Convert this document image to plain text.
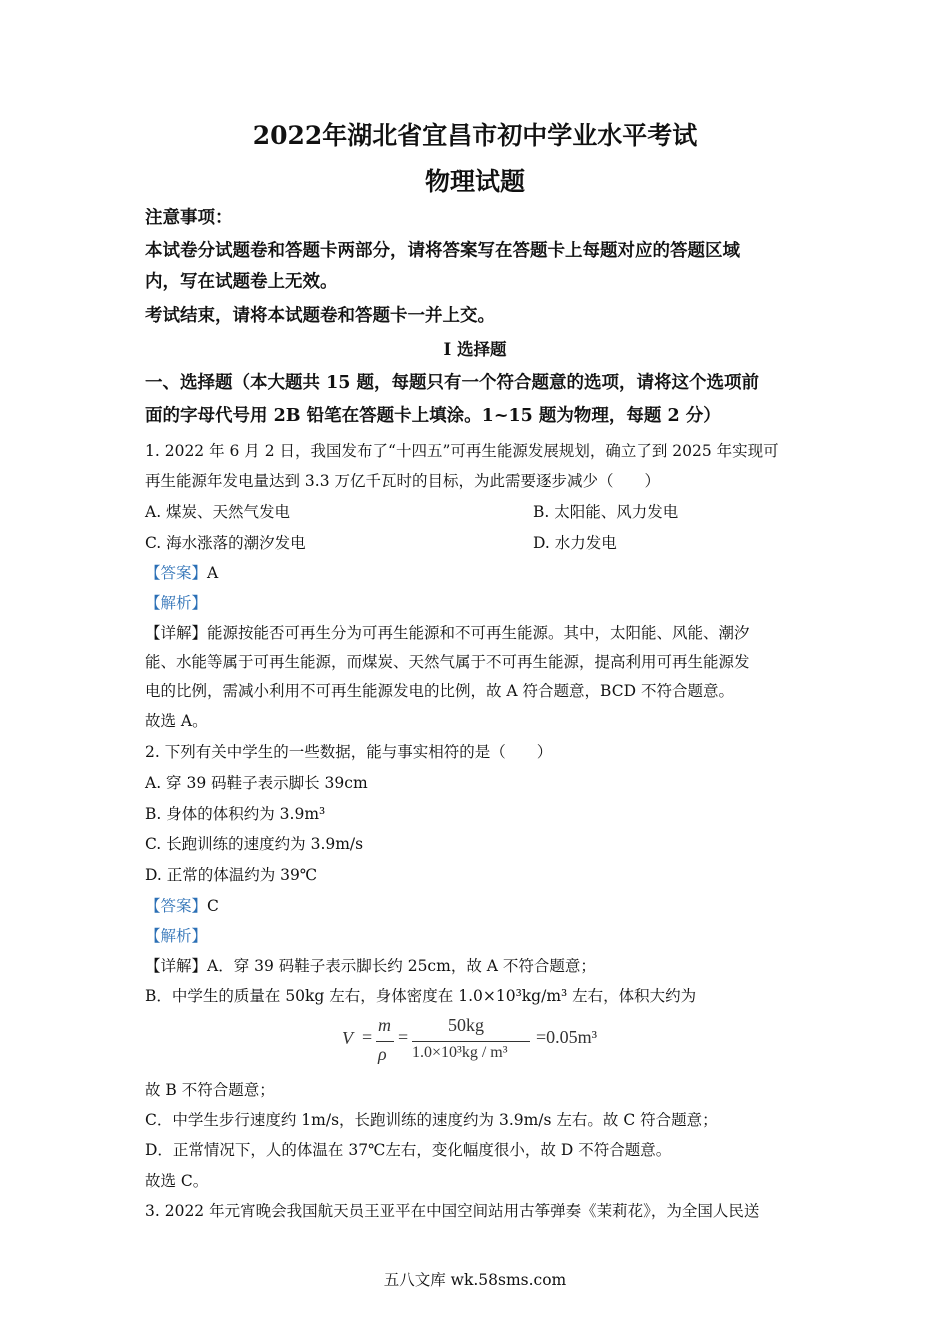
2022年湖北省宜昌市初中学业水平考试
物理试题
注意事项：
本试卷分试题卷和答题卡两部分，请将答案写在答题卡上每题对应的答题区域
内，写在试题卷上无效。
考试结束，请将本试题卷和答题卡一并上交。
I 选择题
一、选择题（本大题共 15 题，每题只有一个符合题意的选项，请将这个选项前
面的字母代号用 2B 铅笔在答题卡上填涂。1~15 题为物理，每题 2 分）
1. 2022 年 6 月 2 日，我国发布了“十四五”可再生能源发展规划，确立了到 2025 年实现可
再生能源年发电量达到 3.3 万亿千瓦时的目标，为此需要逐步减少（　　）
A. 煤炭、天然气发电	B. 太阳能、风力发电
C. 海水涨落的潮汐发电	D. 水力发电
【答案】A
【解析】
【详解】能源按能否可再生分为可再生能源和不可再生能源。其中，太阳能、风能、潮汐
能、水能等属于可再生能源，而煤炭、天然气属于不可再生能源，提高利用可再生能源发
电的比例，需减小利用不可再生能源发电的比例，故 A 符合题意，BCD 不符合题意。
故选 A。
2. 下列有关中学生的一些数据，能与事实相符的是（　　）
A. 穿 39 码鞋子表示脚长 39cm
B. 身体的体积约为 3.9m³
C. 长跑训练的速度约为 3.9m/s
D. 正常的体温约为 39℃
【答案】C
【解析】
【详解】A．穿 39 码鞋子表示脚长约 25cm，故 A 不符合题意；
B．中学生的质量在 50kg 左右，身体密度在 1.0×10³kg/m³ 左右，体积大约为
V =
m
ρ
=
50kg
1.0×10³kg / m³
=0.05m³
故 B 不符合题意；
C．中学生步行速度约 1m/s，长跑训练的速度约为 3.9m/s 左右。故 C 符合题意；
D．正常情况下，人的体温在 37℃左右，变化幅度很小，故 D 不符合题意。
故选 C。
3. 2022 年元宵晚会我国航天员王亚平在中国空间站用古筝弹奏《茉莉花》，为全国人民送
五八文库 wk.58sms.com
